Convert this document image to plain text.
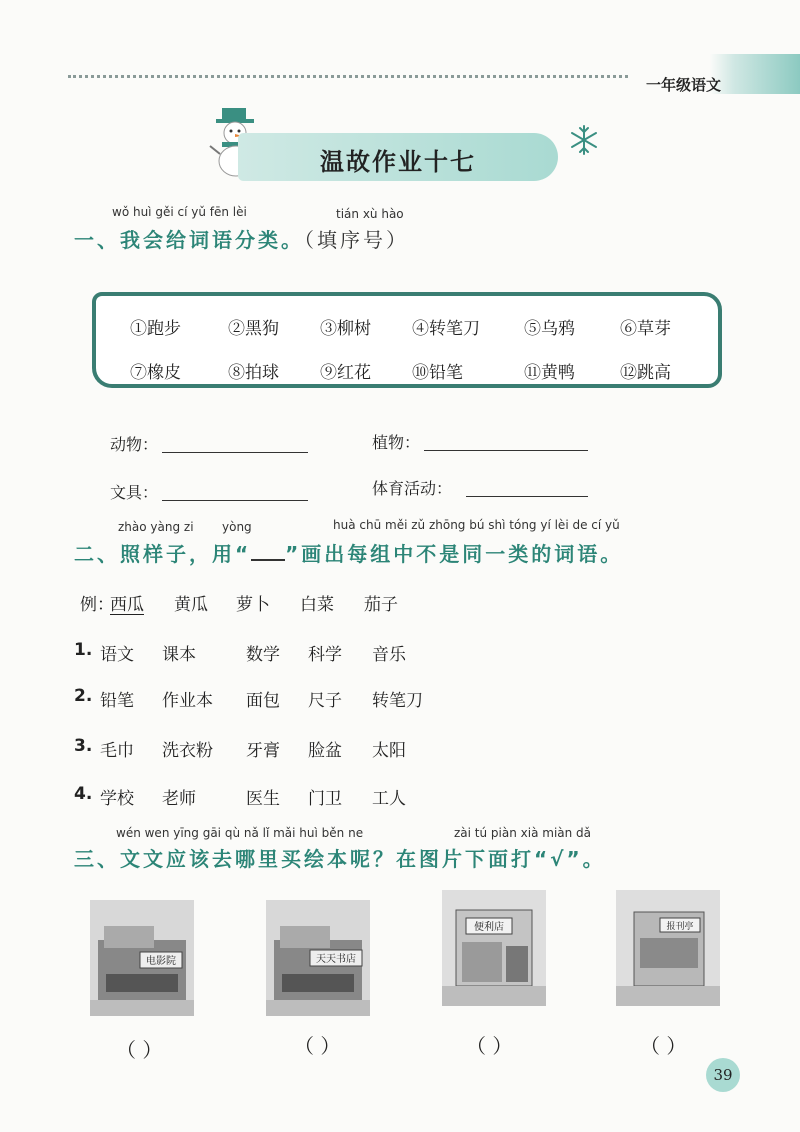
一年级语文
温故作业十七
wǒ huì gěi cí yǔ fēn lèi	tián xù hào
一、我会给词语分类。（填序号）
①跑步	②黑狗 ③柳树 ④转笔刀	⑤乌鸦	⑥草芽
⑦橡皮	⑧拍球 ⑨红花 ⑩铅笔	⑪黄鸭	⑫跳高
动物：	植物：
文具：	体育活动：
zhào yàng zi yòng	huà chū měi zǔ zhōng bú shì tóng yí lèi de cí yǔ
二、照样子，用“ ”画出每组中不是同一类的词语。
例：
西瓜 黄瓜 萝卜 白菜 茄子
1. 语文 课本	数学 科学 音乐
2. 铅笔 作业本 面包 尺子 转笔刀
3. 毛巾 洗衣粉 牙膏 脸盆 太阳
4. 学校 老师	医生 门卫 工人
wén wen yīng gāi qù nǎ lǐ mǎi huì běn ne	zài tú piàn xià miàn dǎ
三、文文应该去哪里买绘本呢？在图片下面打“√”。
电影院	天天书店
便利店	报刊亭
（ ）	（ ）	（ ）	（ ）
39
